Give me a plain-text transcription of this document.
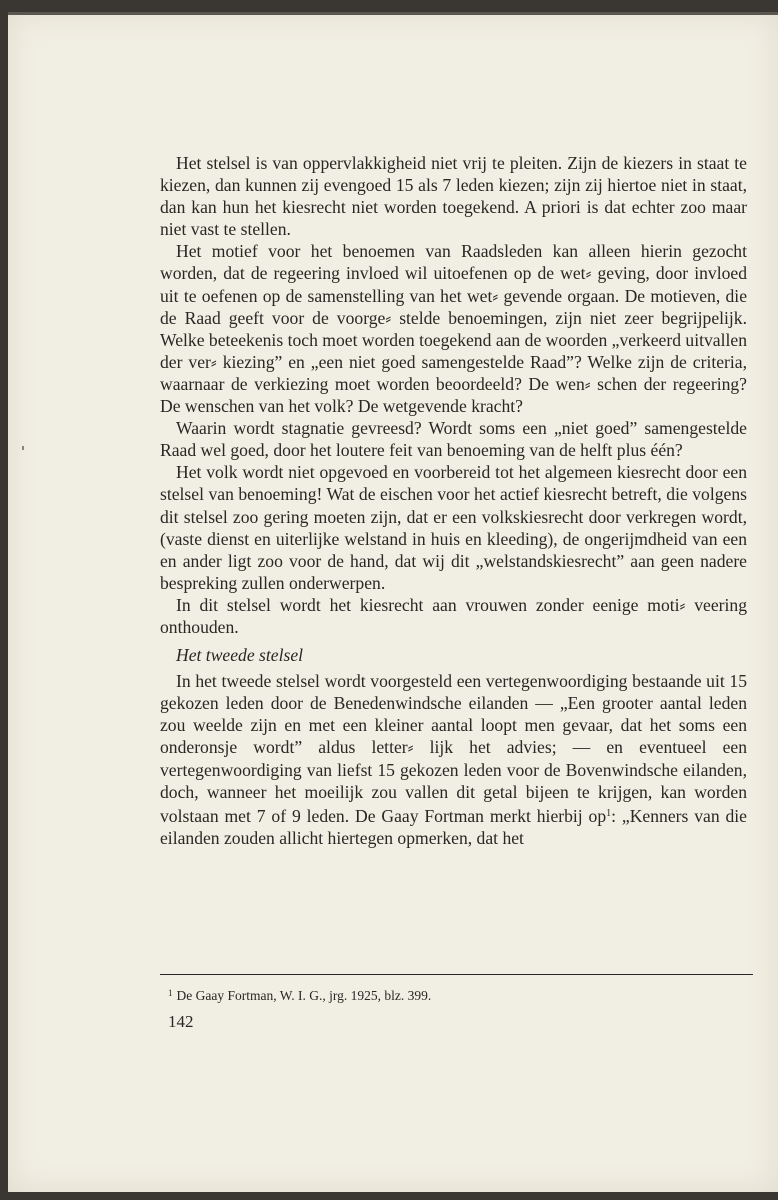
Het stelsel is van oppervlakkigheid niet vrij te pleiten. Zijn de kiezers in staat te kiezen, dan kunnen zij evengoed 15 als 7 leden kiezen; zijn zij hiertoe niet in staat, dan kan hun het kiesrecht niet worden toegekend. A priori is dat echter zoo maar niet vast te stellen.

Het motief voor het benoemen van Raadsleden kan alleen hierin gezocht worden, dat de regeering invloed wil uitoefenen op de wet⸗ geving, door invloed uit te oefenen op de samenstelling van het wet⸗ gevende orgaan. De motieven, die de Raad geeft voor de voorge⸗ stelde benoemingen, zijn niet zeer begrijpelijk. Welke beteekenis toch moet worden toegekend aan de woorden „verkeerd uitvallen der ver⸗ kiezing” en „een niet goed samengestelde Raad”? Welke zijn de criteria, waarnaar de verkiezing moet worden beoordeeld? De wen⸗ schen der regeering? De wenschen van het volk? De wetgevende kracht?

Waarin wordt stagnatie gevreesd? Wordt soms een „niet goed” samengestelde Raad wel goed, door het loutere feit van benoeming van de helft plus één?

Het volk wordt niet opgevoed en voorbereid tot het algemeen kiesrecht door een stelsel van benoeming! Wat de eischen voor het actief kiesrecht betreft, die volgens dit stelsel zoo gering moeten zijn, dat er een volkskiesrecht door verkregen wordt, (vaste dienst en uiterlijke welstand in huis en kleeding), de ongerijmdheid van een en ander ligt zoo voor de hand, dat wij dit „welstandskiesrecht” aan geen nadere bespreking zullen onderwerpen.

In dit stelsel wordt het kiesrecht aan vrouwen zonder eenige moti⸗ veering onthouden.

Het tweede stelsel

In het tweede stelsel wordt voorgesteld een vertegenwoordiging bestaande uit 15 gekozen leden door de Benedenwindsche eilanden — „Een grooter aantal leden zou weelde zijn en met een kleiner aantal loopt men gevaar, dat het soms een onderonsje wordt” aldus letter⸗ lijk het advies; — en eventueel een vertegenwoordiging van liefst 15 gekozen leden voor de Bovenwindsche eilanden, doch, wanneer het moeilijk zou vallen dit getal bijeen te krijgen, kan worden volstaan met 7 of 9 leden. De Gaay Fortman merkt hierbij $op^1$: „Kenners van die eilanden zouden allicht hiertegen opmerken, dat het

$^1$ De Gaay Fortman, W. I. G., jrg. 1925, blz. 399.
142
